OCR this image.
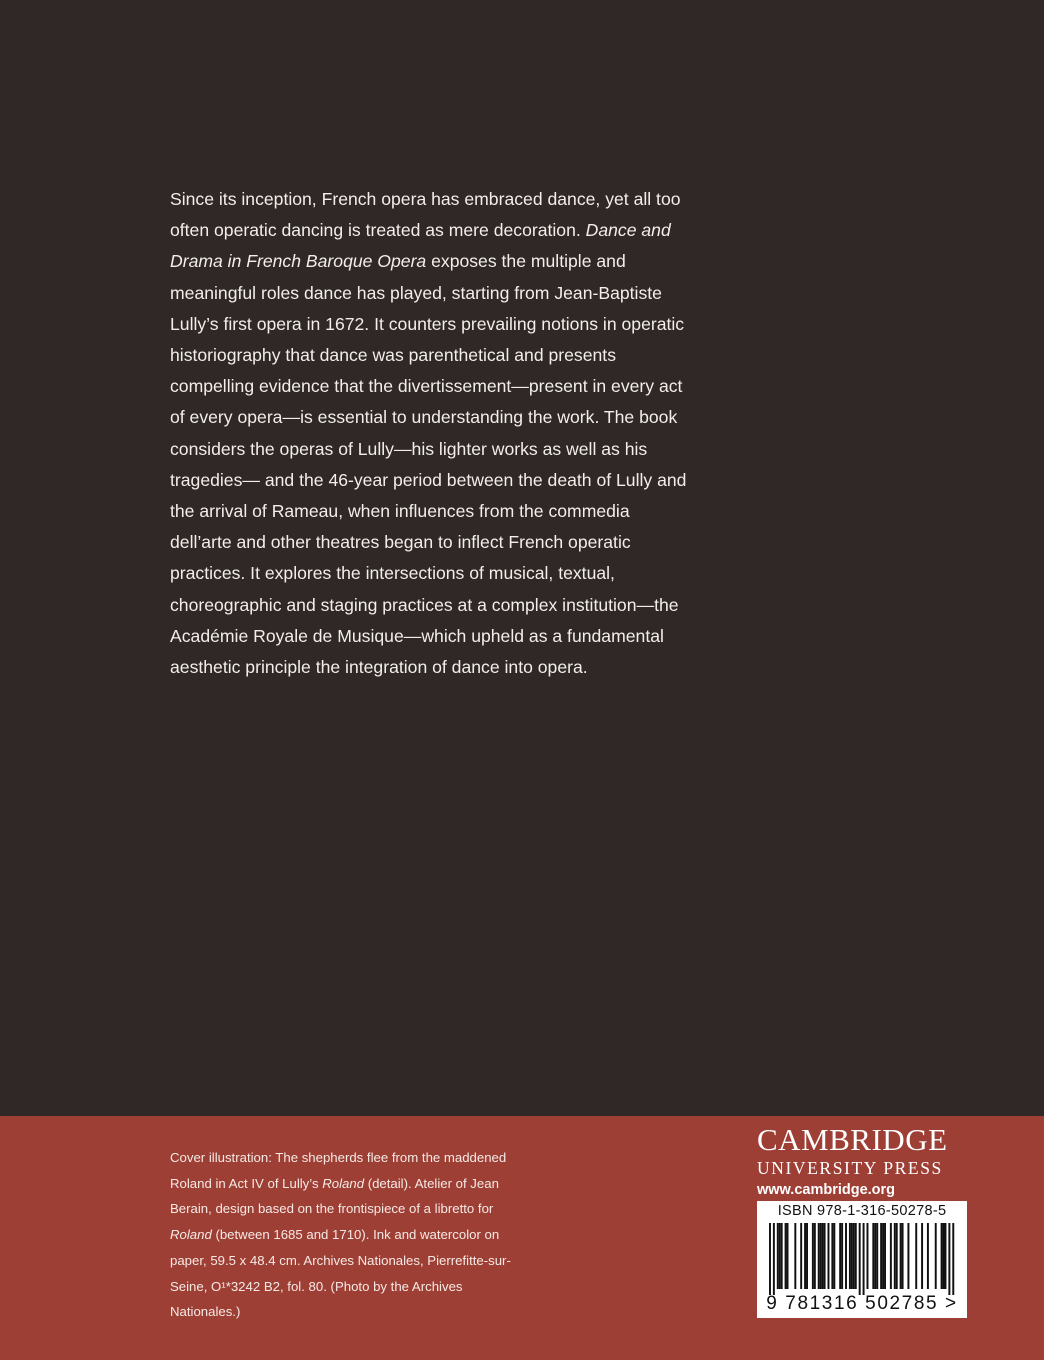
Since its inception, French opera has embraced dance, yet all too often operatic dancing is treated as mere decoration. Dance and Drama in French Baroque Opera exposes the multiple and meaningful roles dance has played, starting from Jean-Baptiste Lully’s first opera in 1672. It counters prevailing notions in operatic historiography that dance was parenthetical and presents compelling evidence that the divertissement—present in every act of every opera—is essential to understanding the work. The book considers the operas of Lully—his lighter works as well as his tragedies— and the 46-year period between the death of Lully and the arrival of Rameau, when influences from the commedia dell’arte and other theatres began to inflect French operatic practices. It explores the intersections of musical, textual, choreographic and staging practices at a complex institution—the Académie Royale de Musique—which upheld as a fundamental aesthetic principle the integration of dance into opera.

Cover illustration: The shepherds flee from the maddened Roland in Act IV of Lully’s Roland (detail). Atelier of Jean Berain, design based on the frontispiece of a libretto for Roland (between 1685 and 1710). Ink and watercolor on paper, 59.5 x 48.4 cm. Archives Nationales, Pierrefitte-sur-Seine, O¹*3242 B2, fol. 80. (Photo by the Archives Nationales.)

CAMBRIDGE
UNIVERSITY PRESS
www.cambridge.org
ISBN 978-1-316-50278-5
9 781316 502785 >
